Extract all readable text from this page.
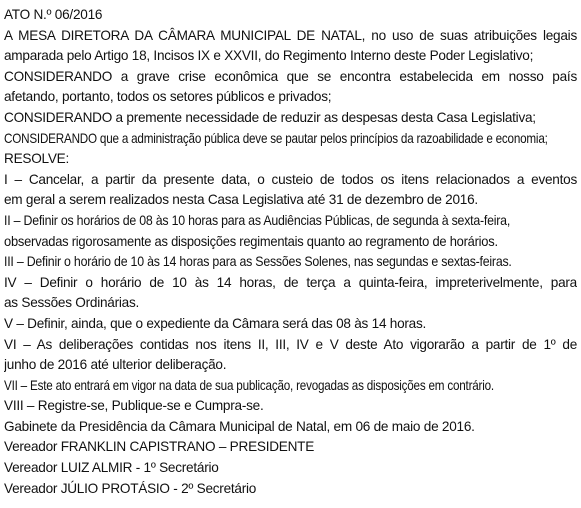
ATO N.º 06/2016
A MESA DIRETORA DA CÂMARA MUNICIPAL DE NATAL, no uso de suas atribuições legais
amparada pelo Artigo 18, Incisos IX e XXVII, do Regimento Interno deste Poder Legislativo;
CONSIDERANDO a grave crise econômica que se encontra estabelecida em nosso país
afetando, portanto, todos os setores públicos e privados;
CONSIDERANDO a premente necessidade de reduzir as despesas desta Casa Legislativa;
CONSIDERANDO que a administração pública deve se pautar pelos princípios da razoabilidade e economia;
RESOLVE:
I – Cancelar, a partir da presente data, o custeio de todos os itens relacionados a eventos
em geral a serem realizados nesta Casa Legislativa até 31 de dezembro de 2016.
II – Definir os horários de 08 às 10 horas para as Audiências Públicas, de segunda à sexta-feira,
observadas rigorosamente as disposições regimentais quanto ao regramento de horários.
III – Definir o horário de 10 às 14 horas para as Sessões Solenes, nas segundas e sextas-feiras.
IV – Definir o horário de 10 às 14 horas, de terça a quinta-feira, impreterivelmente, para
as Sessões Ordinárias.
V – Definir, ainda, que o expediente da Câmara será das 08 às 14 horas.
VI – As deliberações contidas nos itens II, III, IV e V deste Ato vigorarão a partir de 1º de
junho de 2016 até ulterior deliberação.
VII – Este ato entrará em vigor na data de sua publicação, revogadas as disposições em contrário.
VIII – Registre-se, Publique-se e Cumpra-se.
Gabinete da Presidência da Câmara Municipal de Natal, em 06 de maio de 2016.
Vereador FRANKLIN CAPISTRANO – PRESIDENTE
Vereador LUIZ ALMIR - 1º Secretário
Vereador JÚLIO PROTÁSIO - 2º Secretário
